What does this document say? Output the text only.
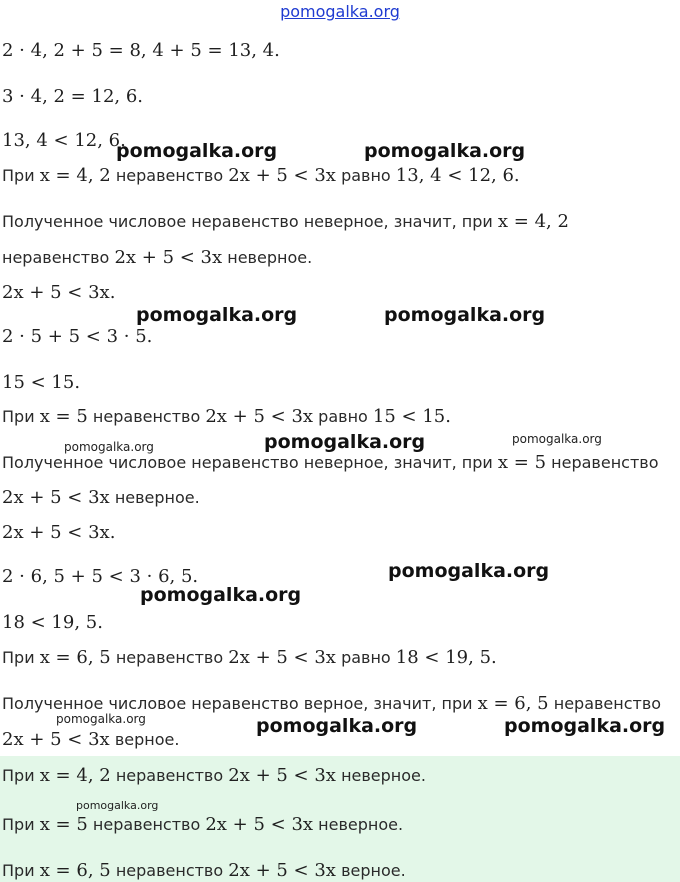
pomogalka.org
2 · 4, 2 + 5 = 8, 4 + 5 = 13, 4.
3 · 4, 2 = 12, 6.
13, 4 < 12, 6.
При x = 4, 2 неравенство 2x + 5 < 3x равно 13, 4 < 12, 6.
Полученное числовое неравенство неверное, значит, при x = 4, 2
неравенство 2x + 5 < 3x неверное.
2x + 5 < 3x.
2 · 5 + 5 < 3 · 5.
15 < 15.
При x = 5 неравенство 2x + 5 < 3x равно 15 < 15.
Полученное числовое неравенство неверное, значит, при x = 5 неравенство
2x + 5 < 3x неверное.
2x + 5 < 3x.
2 · 6, 5 + 5 < 3 · 6, 5.
18 < 19, 5.
При x = 6, 5 неравенство 2x + 5 < 3x равно 18 < 19, 5.
Полученное числовое неравенство верное, значит, при x = 6, 5 неравенство
2x + 5 < 3x верное.
При x = 4, 2 неравенство 2x + 5 < 3x неверное.
При x = 5 неравенство 2x + 5 < 3x неверное.
При x = 6, 5 неравенство 2x + 5 < 3x верное.
pomogalka.org	pomogalka.org
pomogalka.org	pomogalka.org
pomogalka.org	pomogalka.org	pomogalka.org
pomogalka.org
pomogalka.org
pomogalka.org	pomogalka.org	pomogalka.org
pomogalka.org
